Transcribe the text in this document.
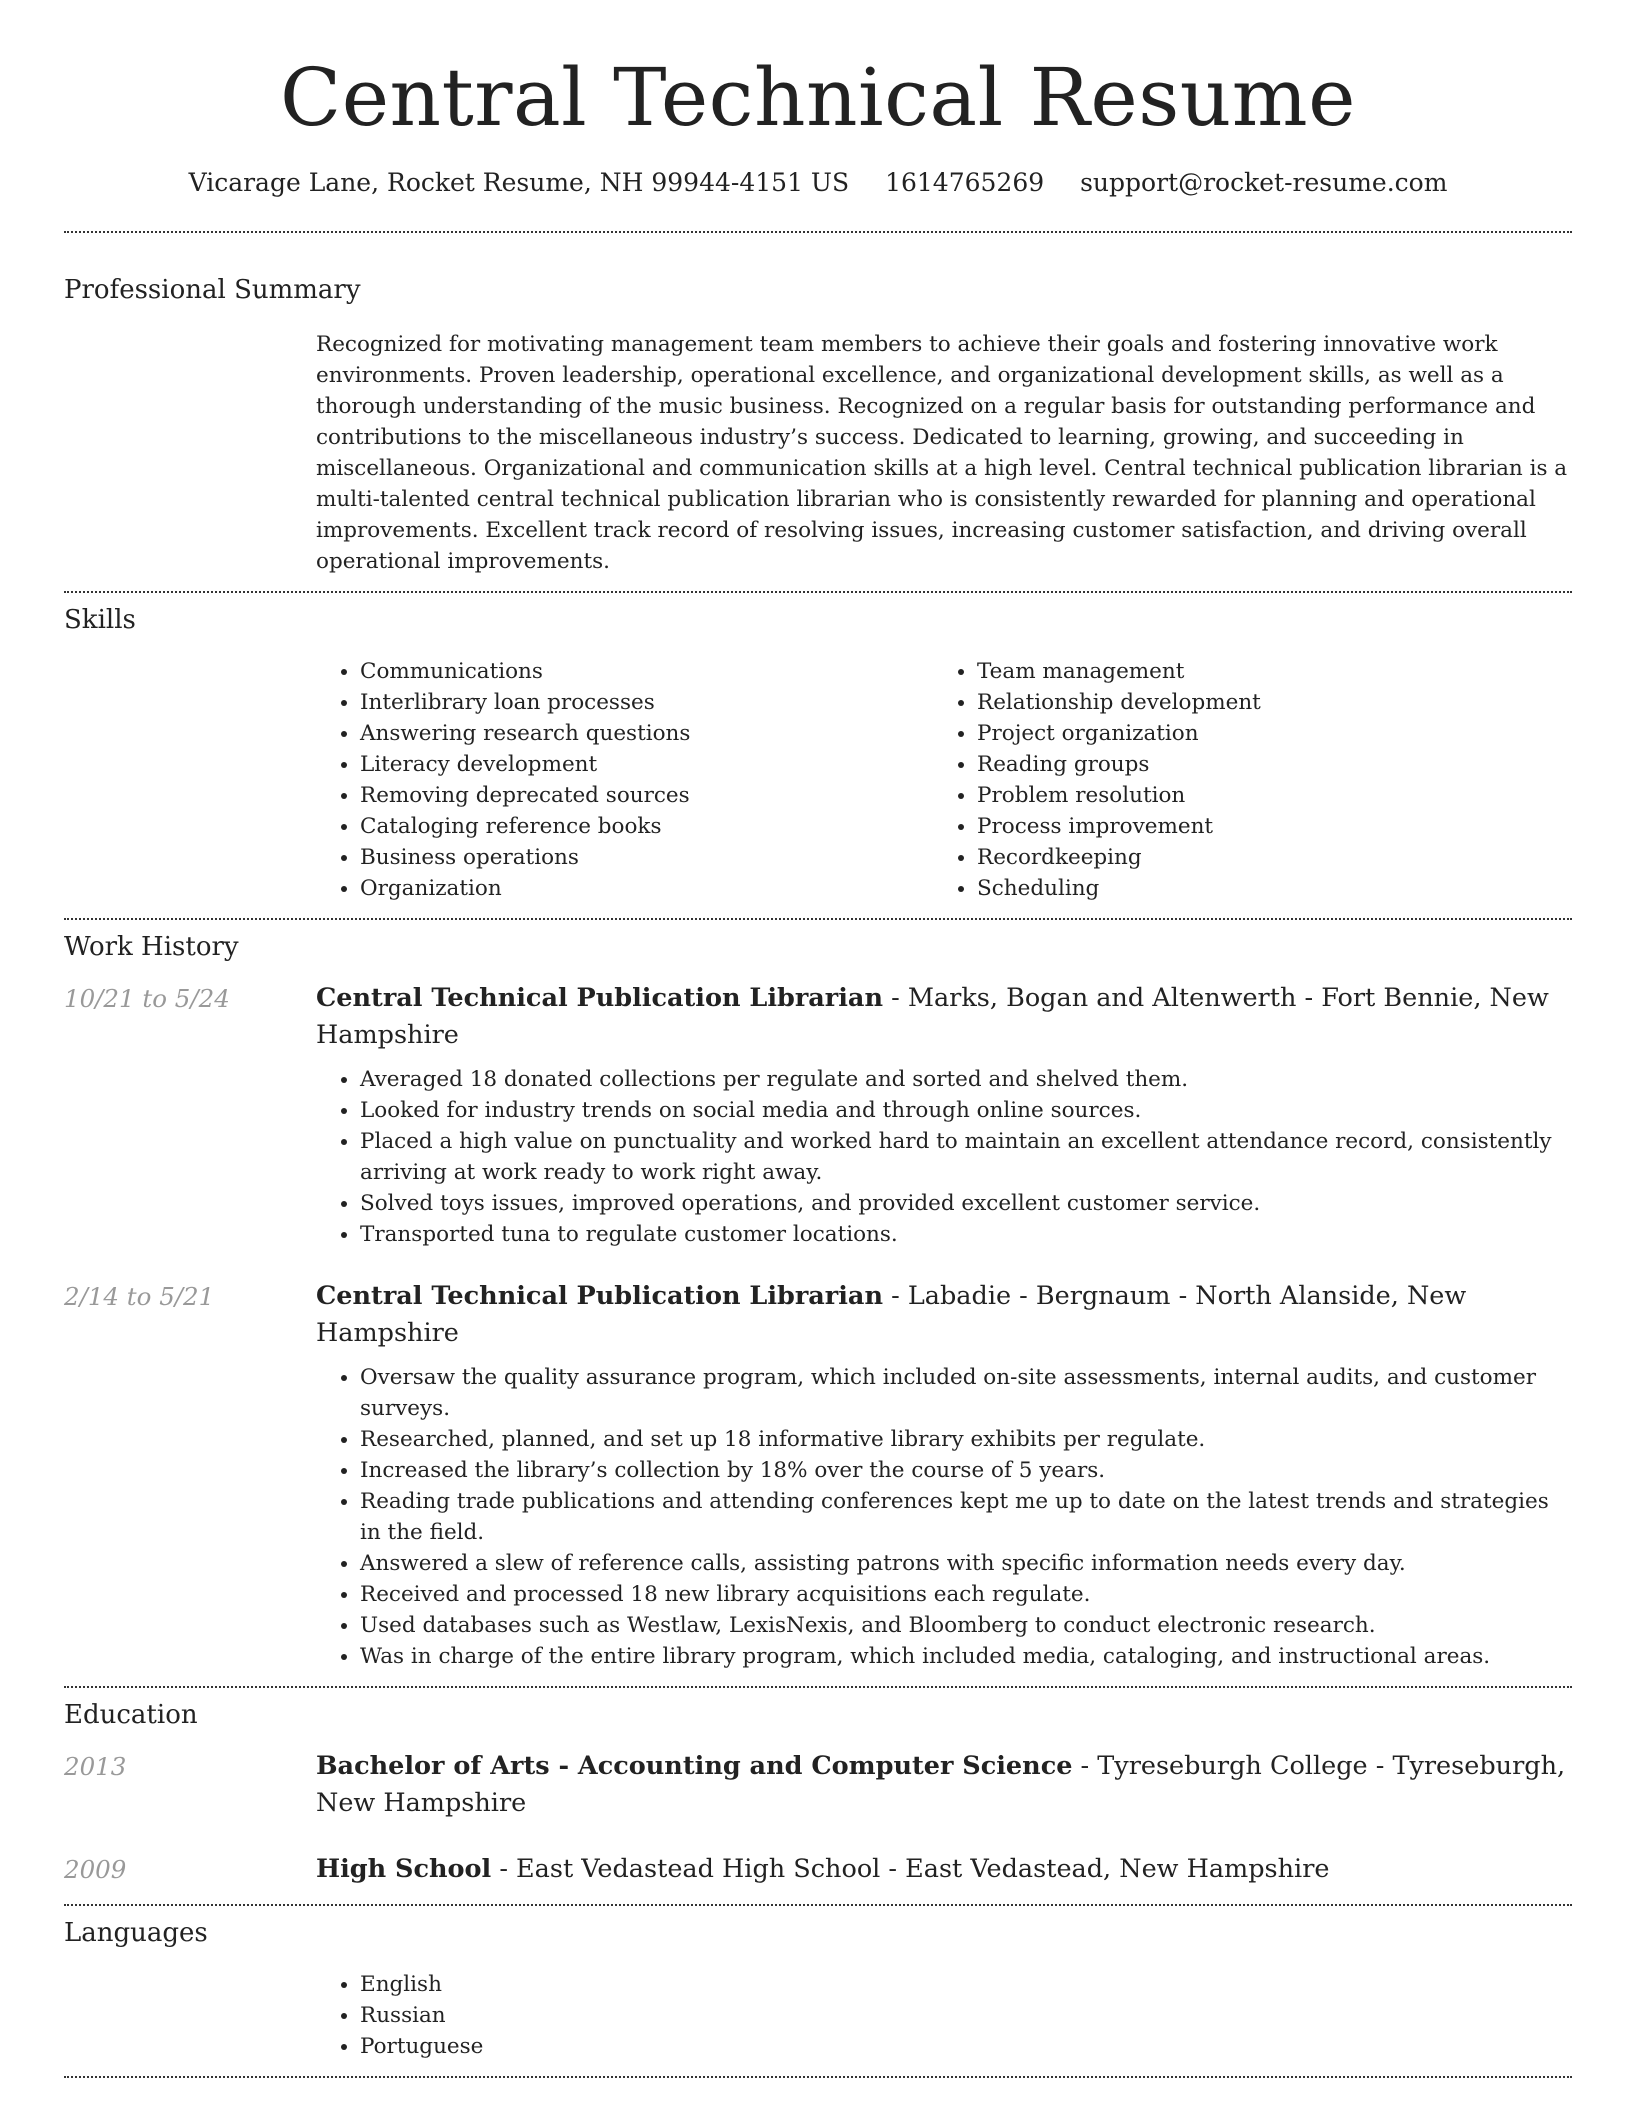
Central Technical Resume
Vicarage Lane, Rocket Resume, NH 99944-4151 US 1614765269 support@rocket-resume.com
Professional Summary

Recognized for motivating management team members to achieve their goals and fostering innovative work environments. Proven leadership, operational excellence, and organizational development skills, as well as a thorough understanding of the music business. Recognized on a regular basis for outstanding performance and contributions to the miscellaneous industry’s success. Dedicated to learning, growing, and succeeding in miscellaneous. Organizational and communication skills at a high level. Central technical publication librarian is a multi-talented central technical publication librarian who is consistently rewarded for planning and operational improvements. Excellent track record of resolving issues, increasing customer satisfaction, and driving overall operational improvements.

Skills
• Communications
• Interlibrary loan processes
• Answering research questions
• Literacy development
• Removing deprecated sources
• Cataloging reference books
• Business operations
• Organization
• Team management
• Relationship development
• Project organization
• Reading groups
• Problem resolution
• Process improvement
• Recordkeeping
• Scheduling
Work History
10/21 to 5/24	Central Technical Publication Librarian - Marks, Bogan and Altenwerth - Fort Bennie, New Hampshire

• Averaged 18 donated collections per regulate and sorted and shelved them.
• Looked for industry trends on social media and through online sources.
• Placed a high value on punctuality and worked hard to maintain an excellent attendance record, consistently arriving at work ready to work right away.
• Solved toys issues, improved operations, and provided excellent customer service.
• Transported tuna to regulate customer locations.
2/14 to 5/21	Central Technical Publication Librarian - Labadie - Bergnaum - North Alanside, New Hampshire

• Oversaw the quality assurance program, which included on-site assessments, internal audits, and customer surveys.
• Researched, planned, and set up 18 informative library exhibits per regulate.
• Increased the library’s collection by 18% over the course of 5 years.
• Reading trade publications and attending conferences kept me up to date on the latest trends and strategies in the field.
• Answered a slew of reference calls, assisting patrons with specific information needs every day.
• Received and processed 18 new library acquisitions each regulate.
• Used databases such as Westlaw, LexisNexis, and Bloomberg to conduct electronic research.
• Was in charge of the entire library program, which included media, cataloging, and instructional areas.
Education
2013	Bachelor of Arts - Accounting and Computer Science - Tyreseburgh College - Tyreseburgh, New Hampshire

2009	High School - East Vedastead High School - East Vedastead, New Hampshire

Languages
• English
• Russian
• Portuguese
